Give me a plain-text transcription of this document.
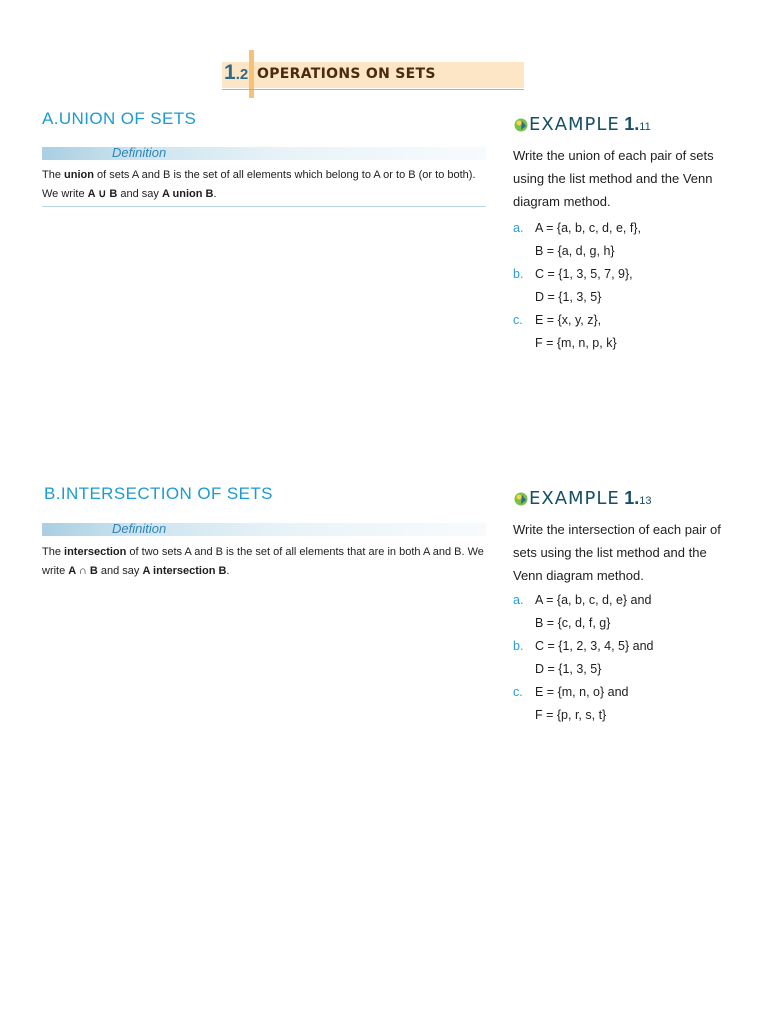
1.2 OPERATIONS ON SETS
A.UNION OF SETS
Definition
The union of sets A and B is the set of all elements which belong to A or to B (or to both). We write A ∪ B and say A union B.
EXAMPLE 1.11
Write the union of each pair of sets using the list method and the Venn diagram method.
a. A = {a, b, c, d, e, f},
B = {a, d, g, h}
b. C = {1, 3, 5, 7, 9},
D = {1, 3, 5}
c. E = {x, y, z},
F = {m, n, p, k}
B.INTERSECTION OF SETS
Definition
The intersection of two sets A and B is the set of all elements that are in both A and B. We write A ∩ B and say A intersection B.
EXAMPLE 1.13
Write the intersection of each pair of sets using the list method and the Venn diagram method.
a. A = {a, b, c, d, e} and
B = {c, d, f, g}
b. C = {1, 2, 3, 4, 5} and
D = {1, 3, 5}
c. E = {m, n, o} and
F = {p, r, s, t}
